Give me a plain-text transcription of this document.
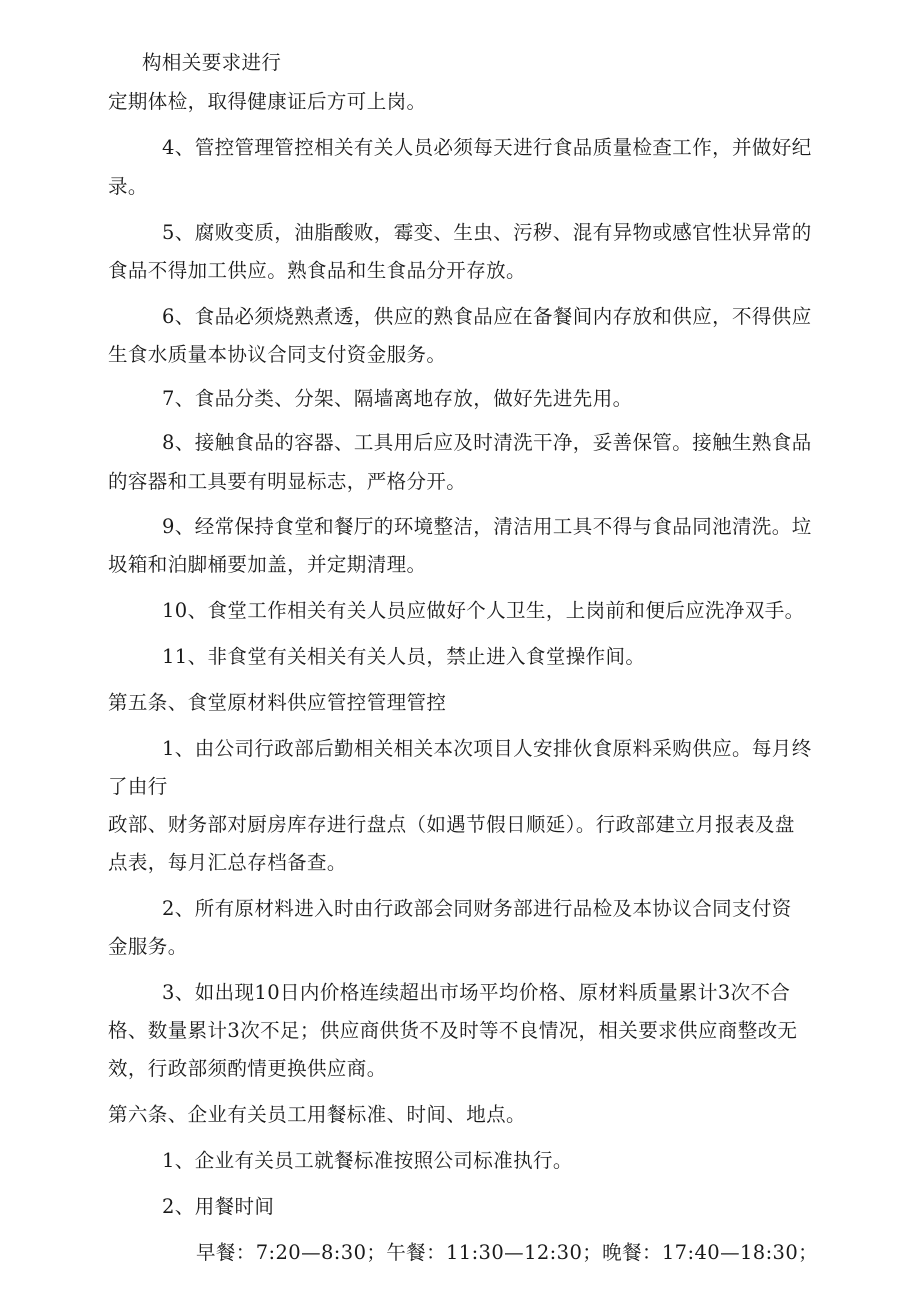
构相关要求进行
定期体检，取得健康证后方可上岗。
4、管控管理管控相关有关人员必须每天进行食品质量检查工作，并做好纪
录。
5、腐败变质，油脂酸败，霉变、生虫、污秽、混有异物或感官性状异常的
食品不得加工供应。熟食品和生食品分开存放。
6、食品必须烧熟煮透，供应的熟食品应在备餐间内存放和供应，不得供应
生食水质量本协议合同支付资金服务。
7、食品分类、分架、隔墙离地存放，做好先进先用。
8、接触食品的容器、工具用后应及时清洗干净，妥善保管。接触生熟食品
的容器和工具要有明显标志，严格分开。
9、经常保持食堂和餐厅的环境整洁，清洁用工具不得与食品同池清洗。垃
圾箱和泊脚桶要加盖，并定期清理。
10、食堂工作相关有关人员应做好个人卫生，上岗前和便后应洗净双手。
11、非食堂有关相关有关人员，禁止进入食堂操作间。
第五条、食堂原材料供应管控管理管控
1、由公司行政部后勤相关相关本次项目人安排伙食原料采购供应。每月终
了由行
政部、财务部对厨房库存进行盘点（如遇节假日顺延）。行政部建立月报表及盘
点表，每月汇总存档备查。
2、所有原材料进入时由行政部会同财务部进行品检及本协议合同支付资
金服务。
3、如出现10日内价格连续超出市场平均价格、原材料质量累计3次不合
格、数量累计3次不足；供应商供货不及时等不良情况，相关要求供应商整改无
效，行政部须酌情更换供应商。
第六条、企业有关员工用餐标准、时间、地点。
1、企业有关员工就餐标准按照公司标准执行。
2、用餐时间
早餐：7:20—8:30；午餐：11:30—12:30；晚餐：17:40—18:30；
